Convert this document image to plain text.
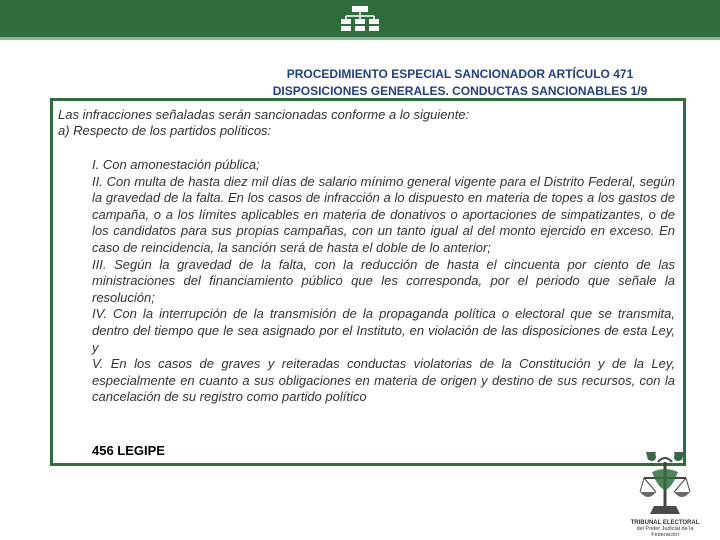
PROCEDIMIENTO ESPECIAL SANCIONADOR ARTÍCULO 471
DISPOSICIONES GENERALES. CONDUCTAS SANCIONABLES 1/9
Las infracciones señaladas serán sancionadas conforme a lo siguiente:
a) Respecto de los partidos políticos:

I. Con amonestación pública;

II. Con multa de hasta diez mil días de salario mínimo general vigente para el Distrito Federal, según la gravedad de la falta. En los casos de infracción a lo dispuesto en materia de topes a los gastos de campaña, o a los límites aplicables en materia de donativos o aportaciones de simpatizantes, o de los candidatos para sus propias campañas, con un tanto igual al del monto ejercido en exceso. En caso de reincidencia, la sanción será de hasta el doble de lo anterior;

III. Según la gravedad de la falta, con la reducción de hasta el cincuenta por ciento de las ministraciones del financiamiento público que les corresponda, por el periodo que señale la resolución;

IV. Con la interrupción de la transmisión de la propaganda política o electoral que se transmita, dentro del tiempo que le sea asignado por el Instituto, en violación de las disposiciones de esta Ley, y

V. En los casos de graves y reiteradas conductas violatorias de la Constitución y de la Ley, especialmente en cuanto a sus obligaciones en materia de origen y destino de sus recursos, con la cancelación de su registro como partido político

456 LEGIPE
TRIBUNAL ELECTORAL
del Poder Judicial de la Federación
